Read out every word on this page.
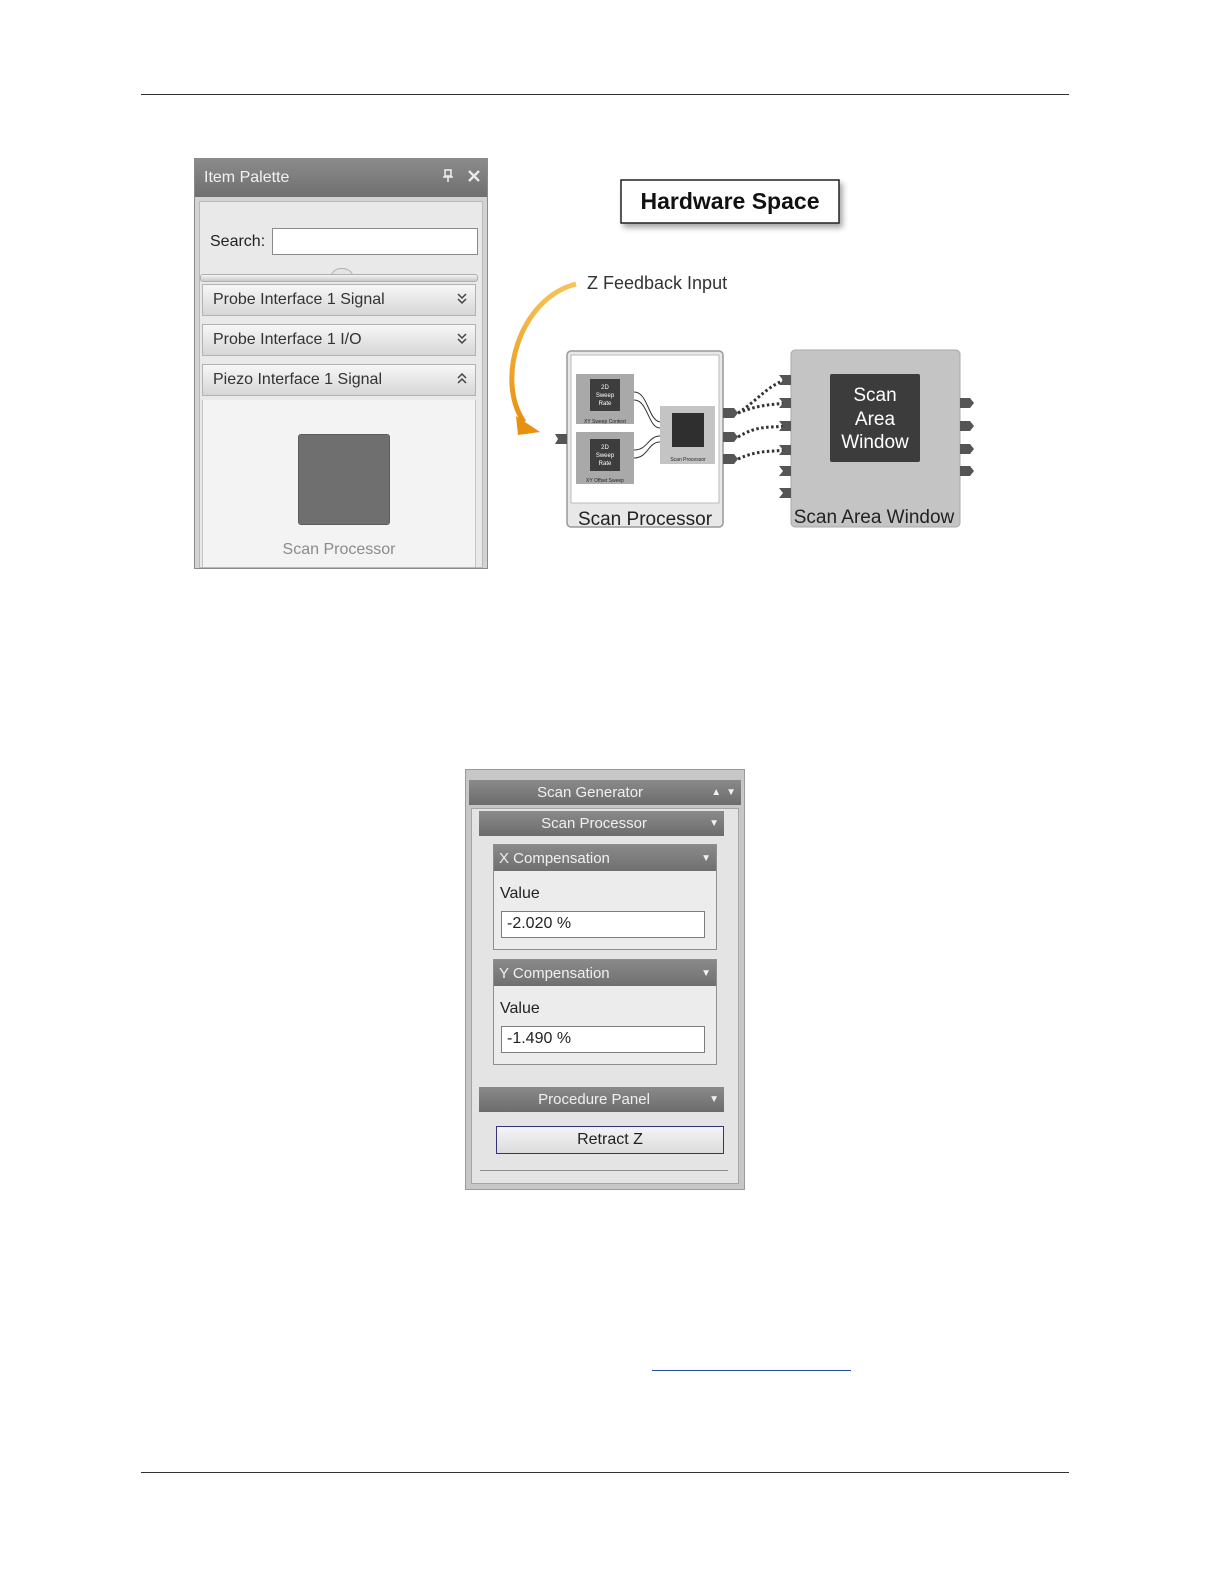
Item Palette
Search:
Probe Interface 1 Signal
Probe Interface 1 I/O
Piezo Interface 1 Signal
Scan Processor
Hardware Space
Z Feedback Input
2D
Sweep
Rate
XY Sweep Context
2D
Sweep
Rate
XY Offset Sweep
Scan Processor
Scan Processor
Scan
Area
Window
Scan Area Window
Scan Generator	▲ ▼
Scan Processor	▼
X Compensation	▼
Value
-2.020 %
Y Compensation	▼
Value
-1.490 %
Procedure Panel	▼
Retract Z
